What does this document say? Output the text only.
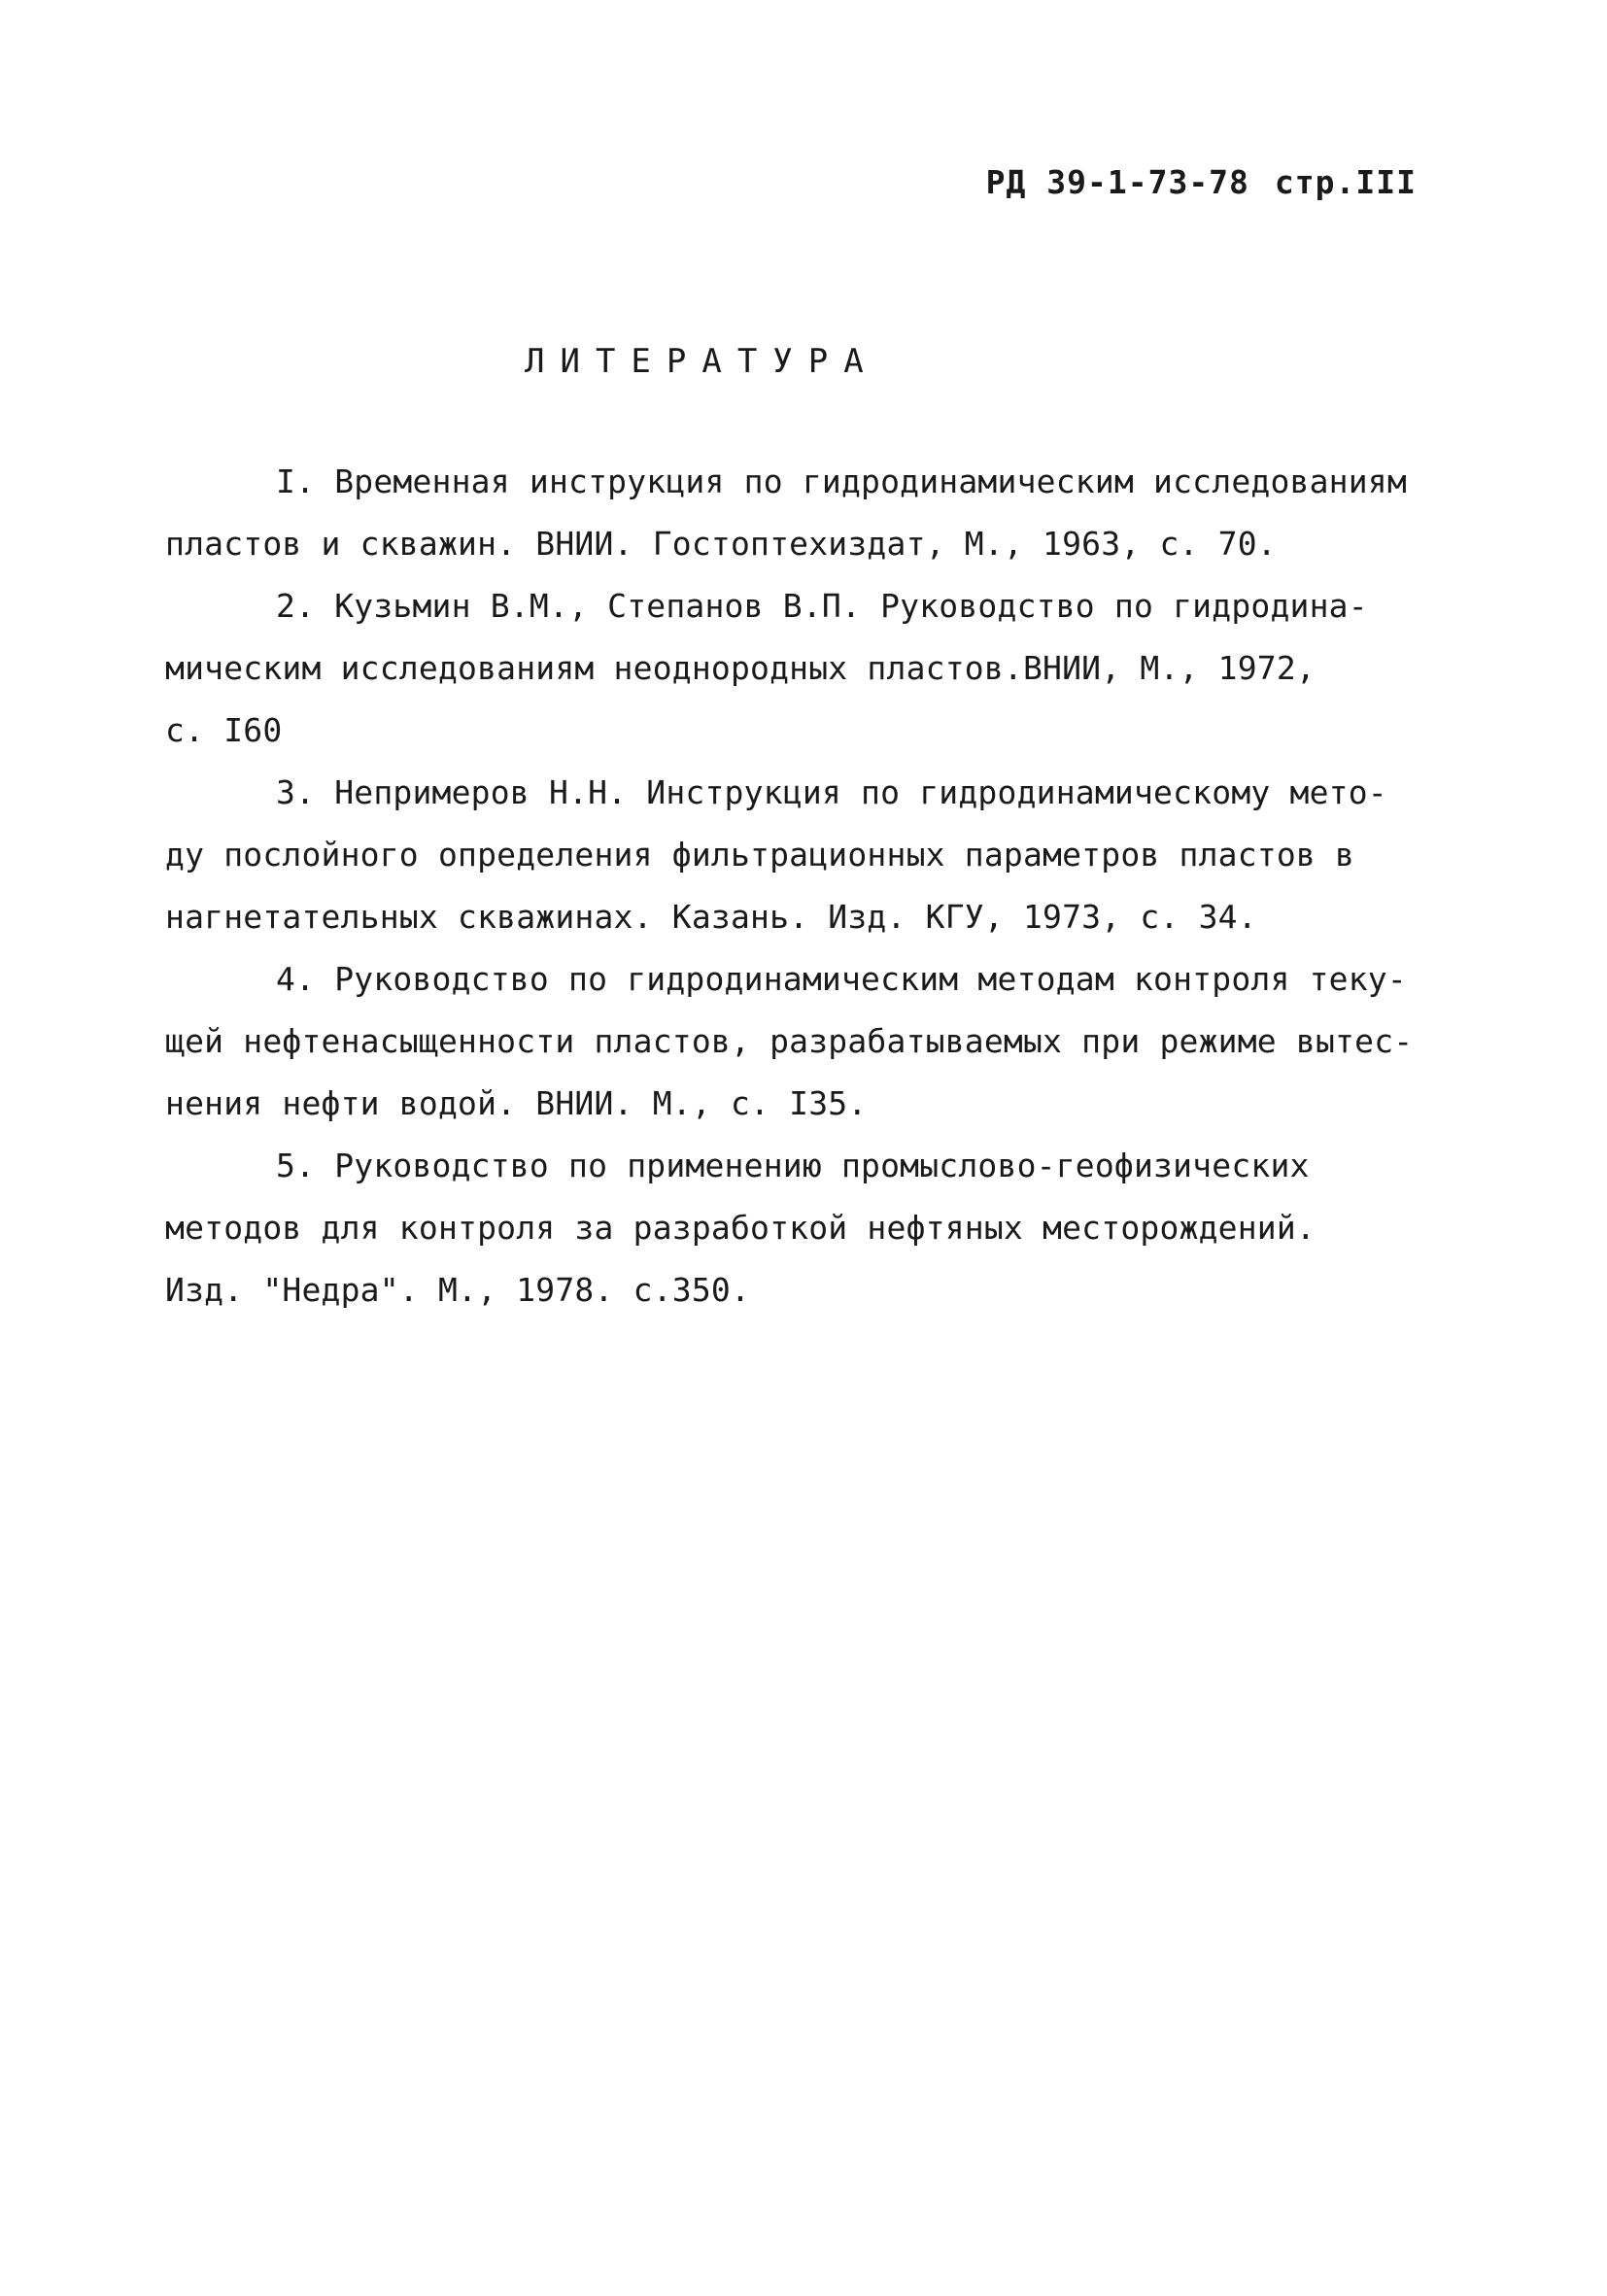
РД 39-1-73-78 стр.III
ЛИТЕРАТУРА
I. Временная инструкция по гидродинамическим исследованиям
пластов и скважин. ВНИИ. Гостоптехиздат, М., 1963, с. 70.
2. Кузьмин В.М., Степанов В.П. Руководство по гидродина-
мическим исследованиям неоднородных пластов.ВНИИ, М., 1972,
с. I60
3. Непримеров Н.Н. Инструкция по гидродинамическому мето-
ду послойного определения фильтрационных параметров пластов в
нагнетательных скважинах. Казань. Изд. КГУ, 1973, с. 34.
4. Руководство по гидродинамическим методам контроля теку-
щей нефтенасыщенности пластов, разрабатываемых при режиме вытес-
нения нефти водой. ВНИИ. М., с. I35.
5. Руководство по применению промыслово-геофизических
методов для контроля за разработкой нефтяных месторождений.
Изд. "Недра". М., 1978. с.350.
